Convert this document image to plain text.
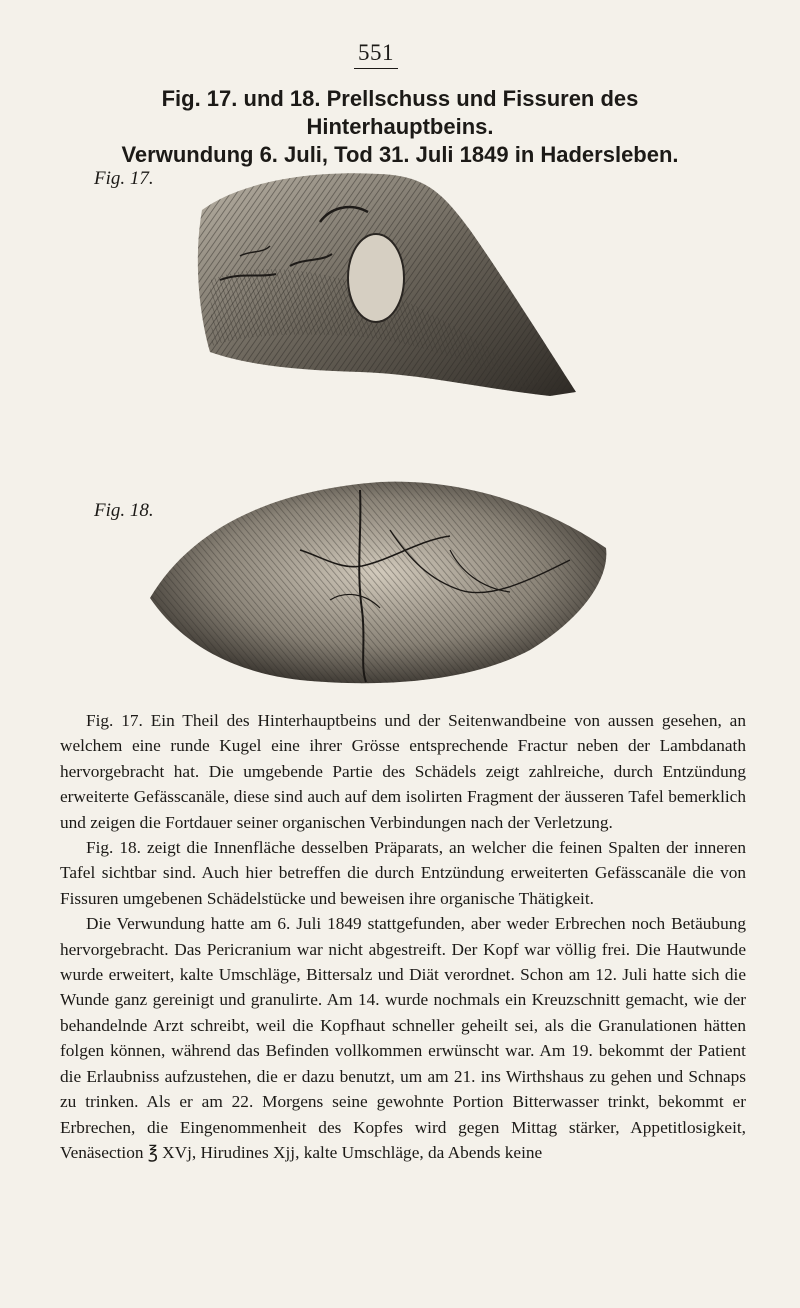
551
Fig. 17. und 18. Prellschuss und Fissuren des Hinterhauptbeins.
Verwundung 6. Juli, Tod 31. Juli 1849 in Hadersleben.
Fig. 17.
Fig. 18.

Fig. 17. Ein Theil des Hinterhauptbeins und der Seitenwandbeine von aussen gesehen, an welchem eine runde Kugel eine ihrer Grösse entsprechende Fractur neben der Lambdanath hervorgebracht hat. Die umgebende Partie des Schädels zeigt zahlreiche, durch Entzündung erweiterte Gefässcanäle, diese sind auch auf dem isolirten Fragment der äusseren Tafel bemerklich und zeigen die Fortdauer seiner organischen Verbindungen nach der Verletzung.

Fig. 18. zeigt die Innenfläche desselben Präparats, an welcher die feinen Spalten der inneren Tafel sichtbar sind. Auch hier betreffen die durch Entzündung erweiterten Gefässcanäle die von Fissuren umgebenen Schädelstücke und beweisen ihre organische Thätigkeit.

Die Verwundung hatte am 6. Juli 1849 stattgefunden, aber weder Erbrechen noch Betäubung hervorgebracht. Das Pericranium war nicht abgestreift. Der Kopf war völlig frei. Die Hautwunde wurde erweitert, kalte Umschläge, Bittersalz und Diät verordnet. Schon am 12. Juli hatte sich die Wunde ganz gereinigt und granulirte. Am 14. wurde nochmals ein Kreuzschnitt gemacht, wie der behandelnde Arzt schreibt, weil die Kopfhaut schneller geheilt sei, als die Granulationen hätten folgen können, während das Befinden vollkommen erwünscht war. Am 19. bekommt der Patient die Erlaubniss aufzustehen, die er dazu benutzt, um am 21. ins Wirthshaus zu gehen und Schnaps zu trinken. Als er am 22. Morgens seine gewohnte Portion Bitterwasser trinkt, bekommt er Erbrechen, die Eingenommenheit des Kopfes wird gegen Mittag stärker, Appetitlosigkeit, Venäsection ℥ XVj, Hirudines Xjj, kalte Umschläge, da Abends keine
